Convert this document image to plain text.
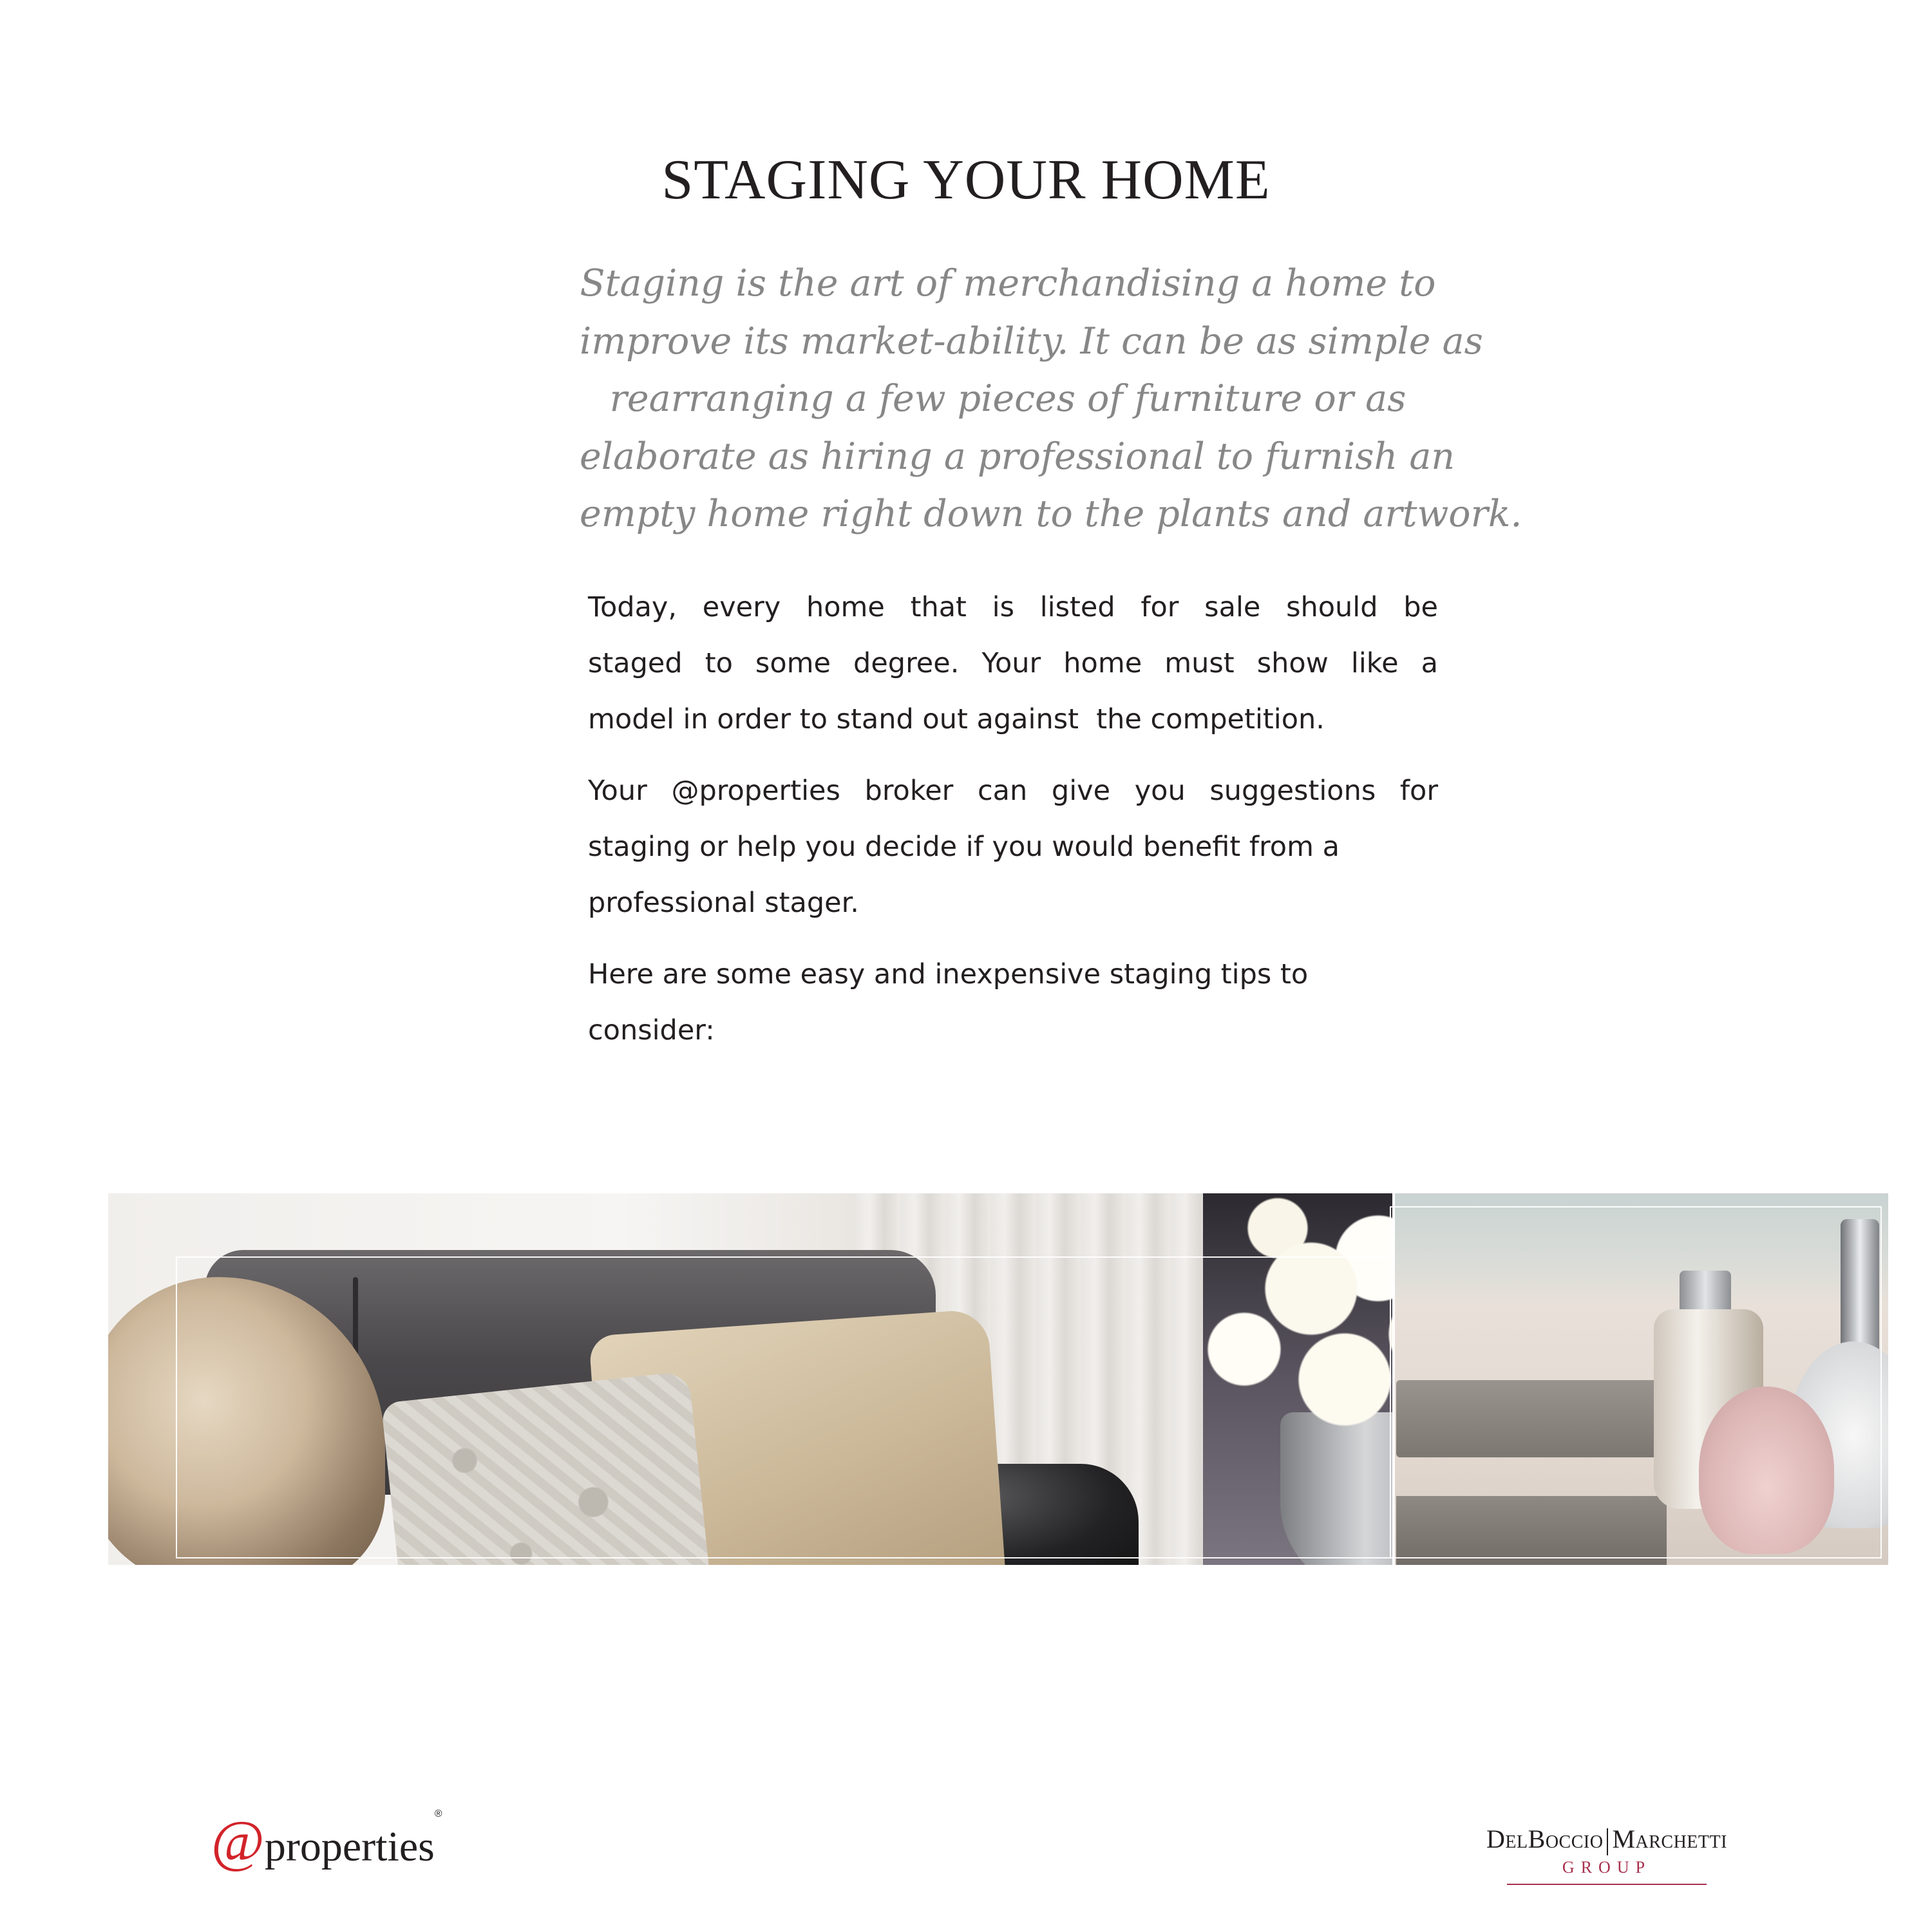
STAGING YOUR HOME
Staging is the art of merchandising a home to
improve its market-ability. It can be as simple as
rearranging a few pieces of furniture or as
elaborate as hiring a professional to furnish an
empty home right down to the plants and artwork.
Today, every home that is listed for sale should be
staged to some degree. Your home must show like a
model in order to stand out against  the competition.
Your @properties broker can give you suggestions for
staging or help you decide if you would benefit from a
professional stager.
Here are some easy and inexpensive staging tips to
consider:
@properties®
DelBoccio Marchetti
GROUP
